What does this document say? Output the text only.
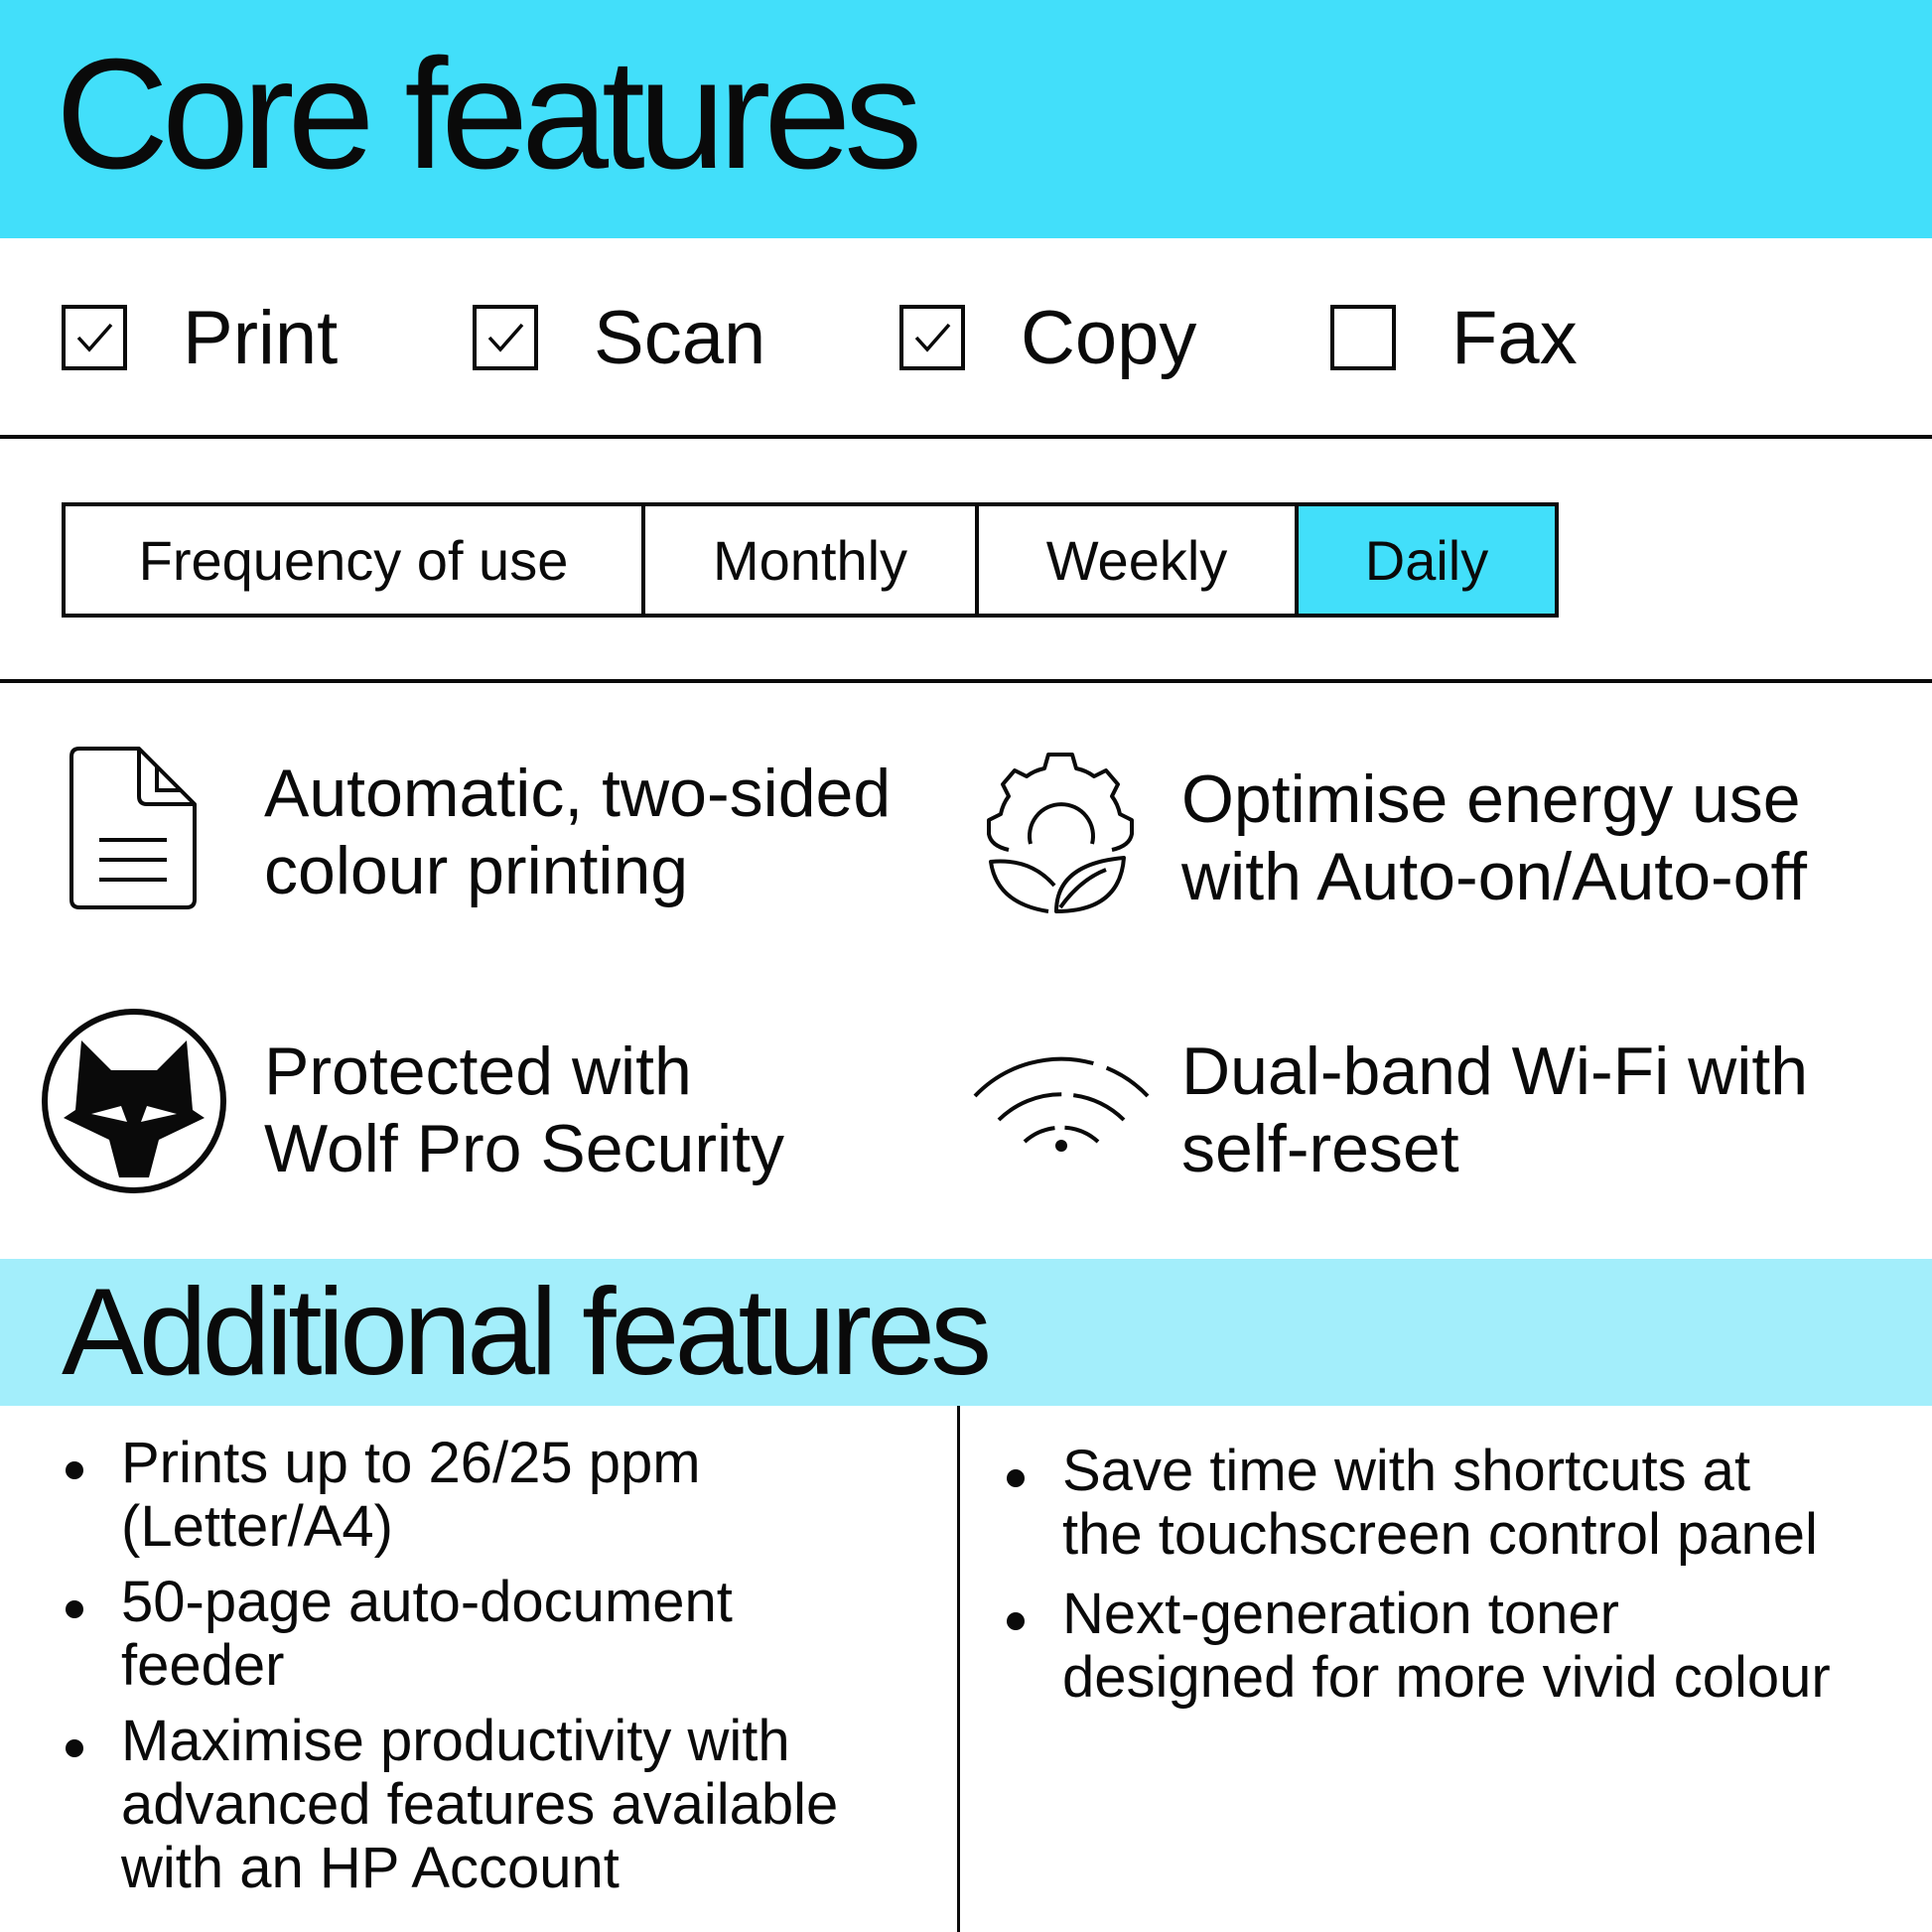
Core features
Print	Scan	Copy	Fax
Frequency of use	Monthly	Weekly	Daily
Automatic, two-sided
colour printing
Optimise energy use
with Auto-on/Auto-off
Protected with
Wolf Pro Security
Dual-band Wi-Fi with
self-reset
Additional features
Prints up to 26/25 ppm
(Letter/A4)
50-page auto-document
feeder
Maximise productivity with
advanced features available
with an HP Account
Save time with shortcuts at
the touchscreen control panel
Next-generation toner
designed for more vivid colour
